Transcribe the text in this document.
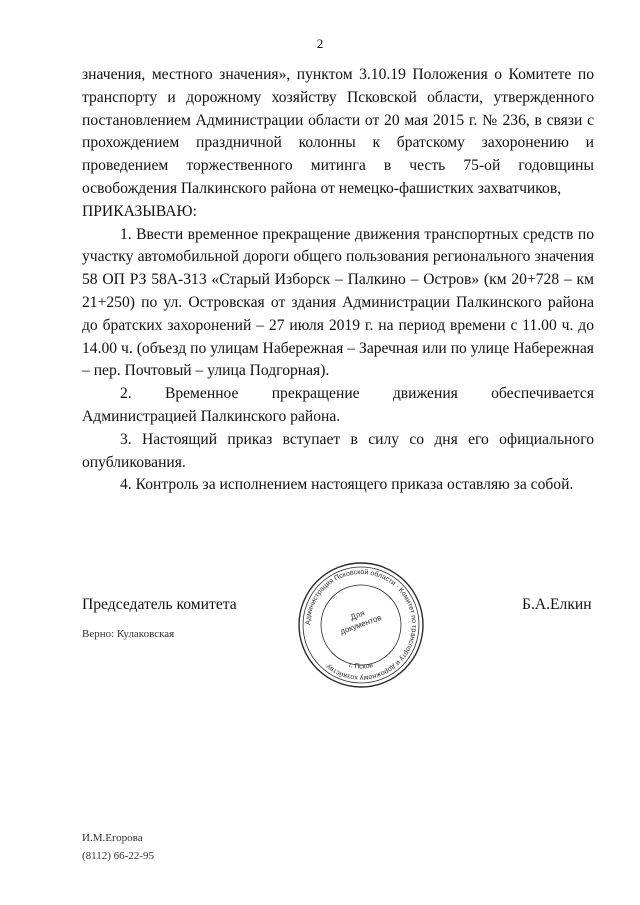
2

значения, местного значения», пунктом 3.10.19 Положения о Комитете по транспорту и дорожному хозяйству Псковской области, утвержденного постановлением Администрации области от 20 мая 2015 г. № 236, в связи с прохождением праздничной колонны к братскому захоронению и проведением торжественного митинга в честь 75-ой годовщины освобождения Палкинского района от немецко-фашистких захватчиков,

ПРИКАЗЫВАЮ:

1. Ввести временное прекращение движения транспортных средств по участку автомобильной дороги общего пользования регионального значения 58 ОП РЗ 58А-313 «Старый Изборск – Палкино – Остров» (км 20+728 – км 21+250) по ул. Островская от здания Администрации Палкинского района до братских захоронений – 27 июля 2019 г. на период времени с 11.00 ч. до 14.00 ч. (объезд по улицам Набережная – Заречная или по улице Набережная – пер. Почтовый – улица Подгорная).

2. Временное прекращение движения обеспечивается Администрацией Палкинского района.

3. Настоящий приказ вступает в силу со дня его официального опубликования.

4. Контроль за исполнением настоящего приказа оставляю за собой.

Председатель комитета	Б.А.Елкин
Администрация Псковской области · Комитет по транспорту и дорожному хозяйству	г. Псков
Для документов
Верно: Кулаковская
И.М.Егорова
(8112) 66-22-95
